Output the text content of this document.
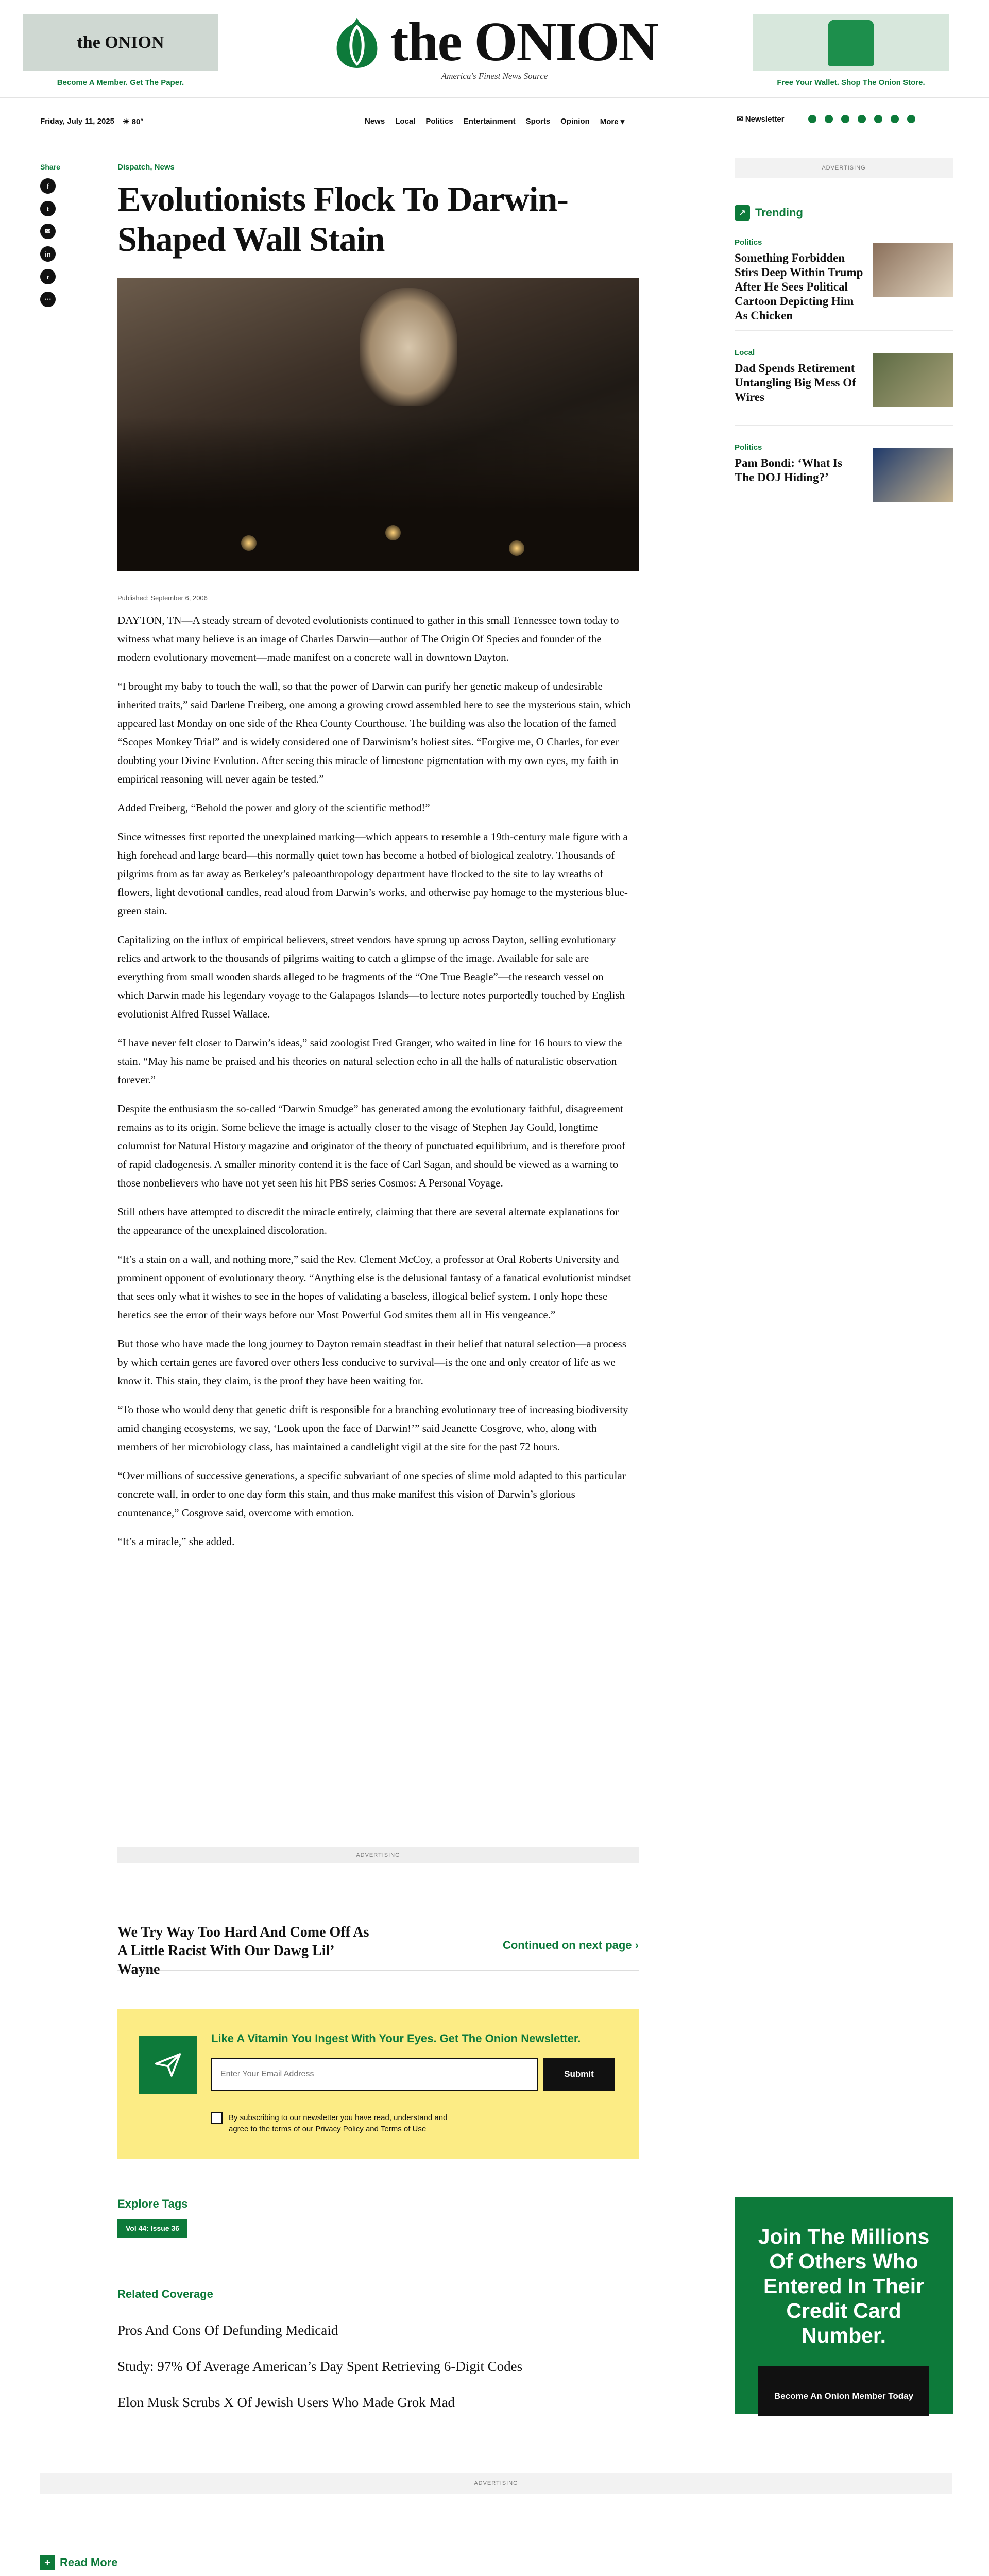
the ONION
Become A Member. Get The Paper.
the ONION
America's Finest News Source
Free Your Wallet. Shop The Onion Store.
Friday, July 11, 2025 ☀ 80°	News Local Politics Entertainment Sports Opinion More ▾	✉ Newsletter
Share
f
t
✉
in
r
⋯
Dispatch, News
Evolutionists Flock To Darwin-Shaped Wall Stain
Published: September 6, 2006

DAYTON, TN—A steady stream of devoted evolutionists continued to gather in this small Tennessee town today to witness what many believe is an image of Charles Darwin—author of The Origin Of Species and founder of the modern evolutionary movement—made manifest on a concrete wall in downtown Dayton.

“I brought my baby to touch the wall, so that the power of Darwin can purify her genetic makeup of undesirable inherited traits,” said Darlene Freiberg, one among a growing crowd assembled here to see the mysterious stain, which appeared last Monday on one side of the Rhea County Courthouse. The building was also the location of the famed “Scopes Monkey Trial” and is widely considered one of Darwinism’s holiest sites. “Forgive me, O Charles, for ever doubting your Divine Evolution. After seeing this miracle of limestone pigmentation with my own eyes, my faith in empirical reasoning will never again be tested.”

Added Freiberg, “Behold the power and glory of the scientific method!”

Since witnesses first reported the unexplained marking—which appears to resemble a 19th-century male figure with a high forehead and large beard—this normally quiet town has become a hotbed of biological zealotry. Thousands of pilgrims from as far away as Berkeley’s paleoanthropology department have flocked to the site to lay wreaths of flowers, light devotional candles, read aloud from Darwin’s works, and otherwise pay homage to the mysterious blue-green stain.

Capitalizing on the influx of empirical believers, street vendors have sprung up across Dayton, selling evolutionary relics and artwork to the thousands of pilgrims waiting to catch a glimpse of the image. Available for sale are everything from small wooden shards alleged to be fragments of the “One True Beagle”—the research vessel on which Darwin made his legendary voyage to the Galapagos Islands—to lecture notes purportedly touched by English evolutionist Alfred Russel Wallace.

“I have never felt closer to Darwin’s ideas,” said zoologist Fred Granger, who waited in line for 16 hours to view the stain. “May his name be praised and his theories on natural selection echo in all the halls of naturalistic observation forever.”

Despite the enthusiasm the so-called “Darwin Smudge” has generated among the evolutionary faithful, disagreement remains as to its origin. Some believe the image is actually closer to the visage of Stephen Jay Gould, longtime columnist for Natural History magazine and originator of the theory of punctuated equilibrium, and is therefore proof of rapid cladogenesis. A smaller minority contend it is the face of Carl Sagan, and should be viewed as a warning to those nonbelievers who have not yet seen his hit PBS series Cosmos: A Personal Voyage.

Still others have attempted to discredit the miracle entirely, claiming that there are several alternate explanations for the appearance of the unexplained discoloration.

“It’s a stain on a wall, and nothing more,” said the Rev. Clement McCoy, a professor at Oral Roberts University and prominent opponent of evolutionary theory. “Anything else is the delusional fantasy of a fanatical evolutionist mindset that sees only what it wishes to see in the hopes of validating a baseless, illogical belief system. I only hope these heretics see the error of their ways before our Most Powerful God smites them all in His vengeance.”

But those who have made the long journey to Dayton remain steadfast in their belief that natural selection—a process by which certain genes are favored over others less conducive to survival—is the one and only creator of life as we know it. This stain, they claim, is the proof they have been waiting for.

“To those who would deny that genetic drift is responsible for a branching evolutionary tree of increasing biodiversity amid changing ecosystems, we say, ‘Look upon the face of Darwin!’” said Jeanette Cosgrove, who, along with members of her microbiology class, has maintained a candlelight vigil at the site for the past 72 hours.

“Over millions of successive generations, a specific subvariant of one species of slime mold adapted to this particular concrete wall, in order to one day form this stain, and thus make manifest this vision of Darwin’s glorious countenance,” Cosgrove said, overcome with emotion.

“It’s a miracle,” she added.

ADVERTISING
We Try Way Too Hard And Come Off As A Little Racist With Our Dawg Lil’ Wayne
Continued on next page ›
Like A Vitamin You Ingest With Your Eyes. Get The Onion Newsletter.
Enter Your Email Address
Submit
By subscribing to our newsletter you have read, understand and agree to the terms of our Privacy Policy and Terms of Use
Explore Tags
Vol 44: Issue 36
Related Coverage
Pros And Cons Of Defunding Medicaid
Study: 97% Of Average American’s Day Spent Retrieving 6-Digit Codes
Elon Musk Scrubs X Of Jewish Users Who Made Grok Mad
ADVERTISING
↗ Trending
Politics
Something Forbidden Stirs Deep Within Trump After He Sees Political Cartoon Depicting Him As Chicken
Local
Dad Spends Retirement Untangling Big Mess Of Wires
Politics
Pam Bondi: ‘What Is The DOJ Hiding?’
Join The Millions Of Others Who Entered In Their Credit Card Number.
Become An Onion Member Today
ADVERTISING
+ Read More
